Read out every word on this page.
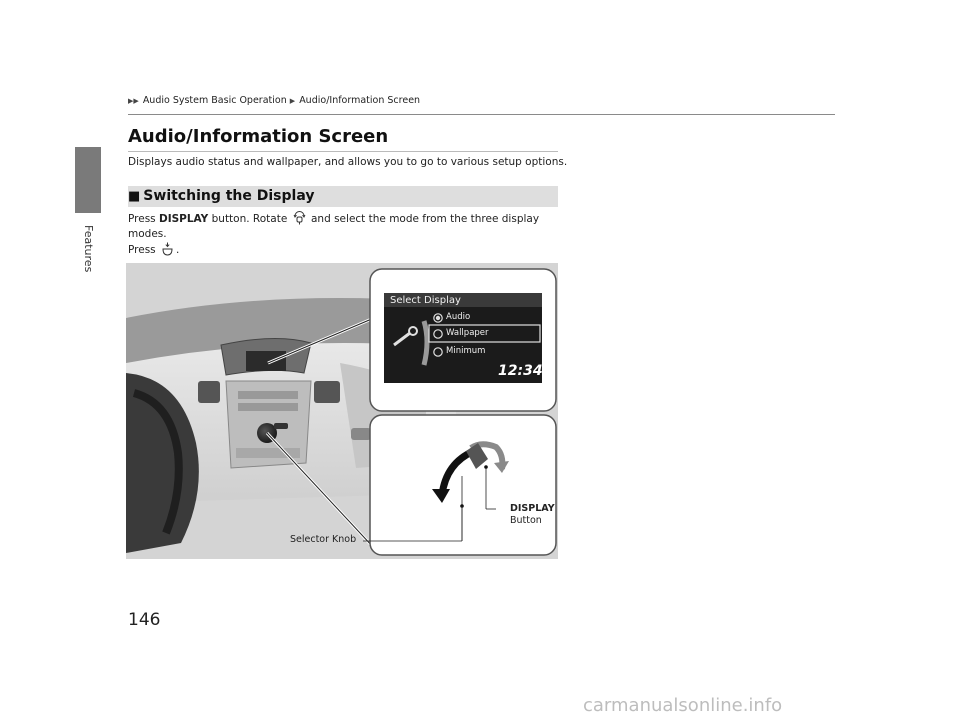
Features
▶▶ Audio System Basic Operation ▶ Audio/Information Screen
Audio/Information Screen
Displays audio status and wallpaper, and allows you to go to various setup options.
■ Switching the Display
Press DISPLAY button. Rotate and select the mode from the three display modes.
Press .
Select Display
Audio
Wallpaper
Minimum
12:34
DISPLAY
Button
Selector Knob
146
carmanualsonline.info
